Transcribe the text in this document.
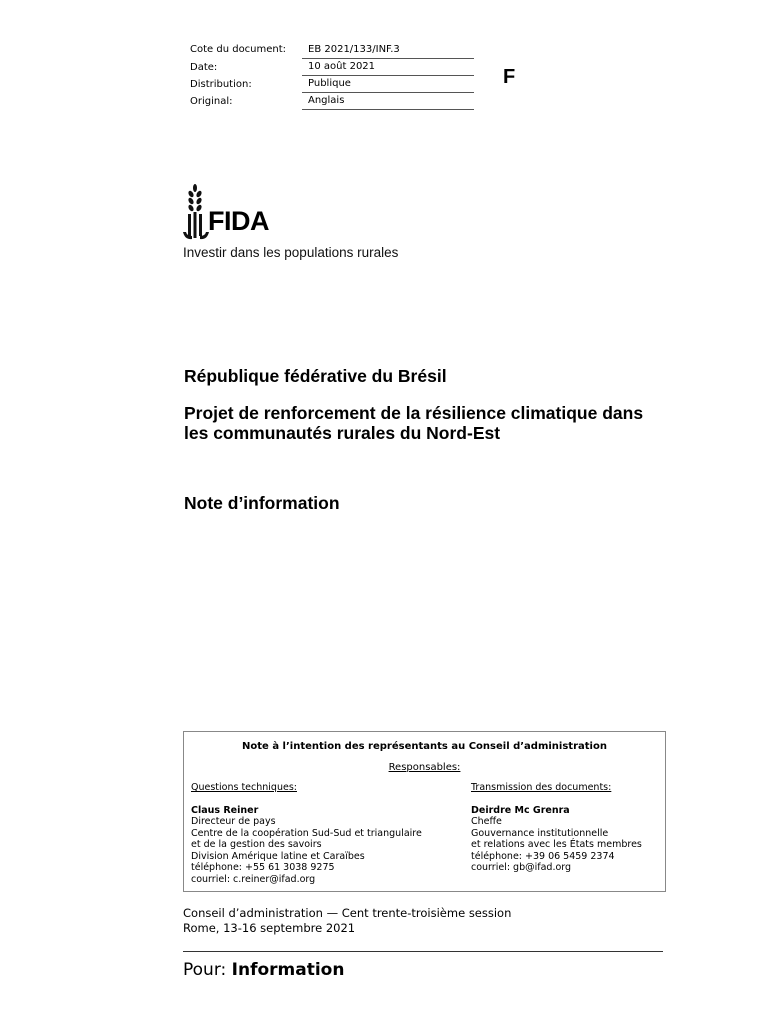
Cote du document:	EB 2021/133/INF.3
Date:	10 août 2021
Distribution:	Publique
Original:	Anglais
F
FIDA
Investir dans les populations rurales
République fédérative du Brésil
Projet de renforcement de la résilience climatique dans les communautés rurales du Nord-Est
Note d’information
Note à l’intention des représentants au Conseil d’administration
Responsables:
Questions techniques:
Claus Reiner
Directeur de pays
Centre de la coopération Sud-Sud et triangulaire
et de la gestion des savoirs
Division Amérique latine et Caraïbes
téléphone: +55 61 3038 9275
courriel: c.reiner@ifad.org
Transmission des documents:
Deirdre Mc Grenra
Cheffe
Gouvernance institutionnelle
et relations avec les États membres
téléphone: +39 06 5459 2374
courriel: gb@ifad.org
Conseil d’administration — Cent trente-troisième session
Rome, 13-16 septembre 2021
Pour: Information
